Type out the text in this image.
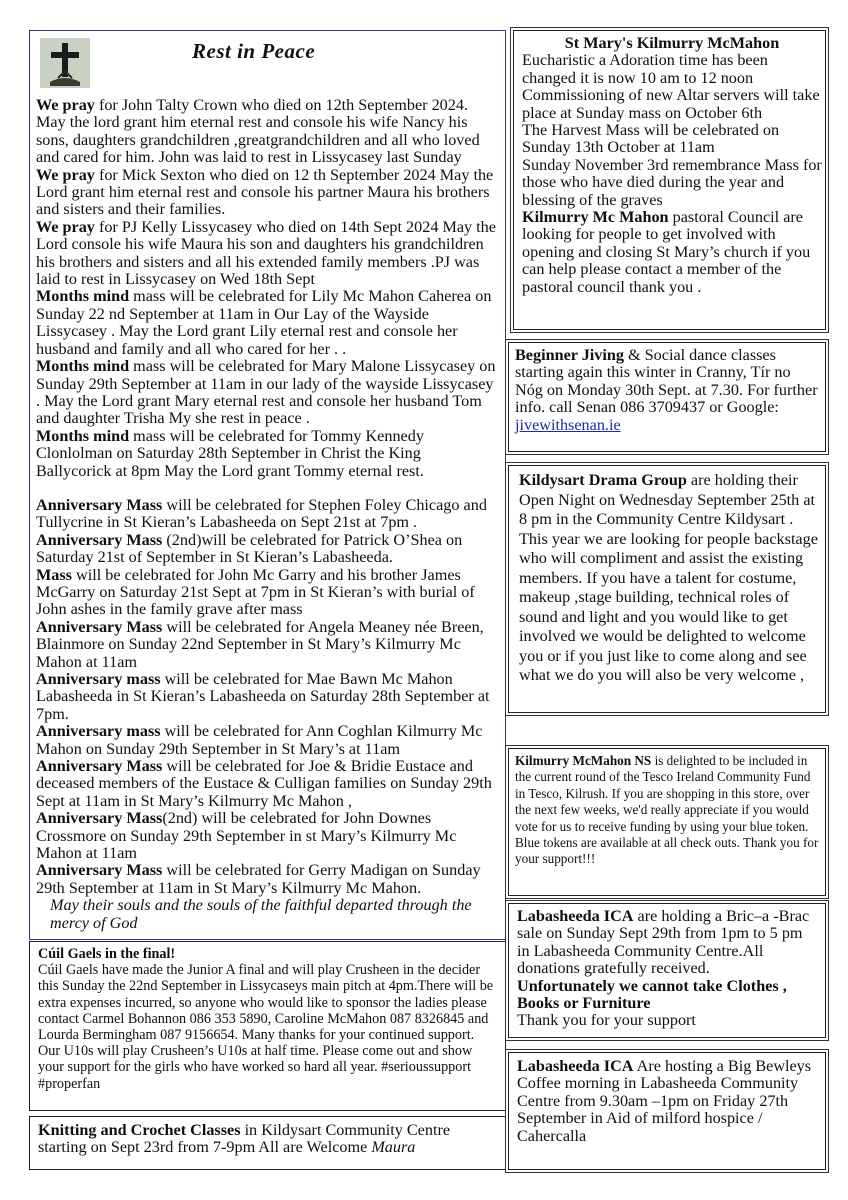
Rest in Peace

We pray for John Talty Crown who died on 12th September 2024. May the lord grant him eternal rest and console his wife Nancy his sons, daughters grandchildren ,greatgrandchildren and all who loved and cared for him. John was laid to rest in Lissycasey last Sunday

We pray for Mick Sexton who died on 12 th September 2024 May the Lord grant him eternal rest and console his partner Maura his brothers and sisters and their families.

We pray for PJ Kelly Lissycasey who died on 14th Sept 2024 May the Lord console his wife Maura his son and daughters his grandchildren his brothers and sisters and all his extended family members .PJ was laid to rest in Lissycasey on Wed 18th Sept

Months mind mass will be celebrated for Lily Mc Mahon Caherea on Sunday 22 nd September at 11am in Our Lay of the Wayside Lissycasey . May the Lord grant Lily eternal rest and console her husband and family and all who cared for her . .

Months mind mass will be celebrated for Mary Malone Lissycasey on Sunday 29th September at 11am in our lady of the wayside Lissycasey . May the Lord grant Mary eternal rest and console her husband Tom and daughter Trisha My she rest in peace .

Months mind mass will be celebrated for Tommy Kennedy Clonlolman on Saturday 28th September in Christ the King Ballycorick at 8pm May the Lord grant Tommy eternal rest.

Anniversary Mass will be celebrated for Stephen Foley Chicago and Tullycrine in St Kieran’s Labasheeda on Sept 21st at 7pm .

Anniversary Mass (2nd)will be celebrated for Patrick O’Shea on Saturday 21st of September in St Kieran’s Labasheeda.

Mass will be celebrated for John Mc Garry and his brother James McGarry on Saturday 21st Sept at 7pm in St Kieran’s with burial of John ashes in the family grave after mass

Anniversary Mass will be celebrated for Angela Meaney née Breen, Blainmore on Sunday 22nd September in St Mary’s Kilmurry Mc Mahon at 11am

Anniversary mass will be celebrated for Mae Bawn Mc Mahon Labasheeda in St Kieran’s Labasheeda on Saturday 28th September at 7pm.

Anniversary mass will be celebrated for Ann Coghlan Kilmurry Mc Mahon on Sunday 29th September in St Mary’s at 11am

Anniversary Mass will be celebrated for Joe & Bridie Eustace and deceased members of the Eustace & Culligan families on Sunday 29th Sept at 11am in St Mary’s Kilmurry Mc Mahon ,

Anniversary Mass(2nd) will be celebrated for John Downes Crossmore on Sunday 29th September in st Mary’s Kilmurry Mc Mahon at 11am

Anniversary Mass will be celebrated for Gerry Madigan on Sunday 29th September at 11am in St Mary’s Kilmurry Mc Mahon.

May their souls and the souls of the faithful departed through the mercy of God

Cúil Gaels in the final!

Cúil Gaels have made the Junior A final and will play Crusheen in the decider this Sunday the 22nd September in Lissycaseys main pitch at 4pm.There will be extra expenses incurred, so anyone who would like to sponsor the ladies please contact Carmel Bohannon 086 353 5890, Caroline McMahon 087 8326845 and Lourda Bermingham 087 9156654. Many thanks for your continued support. Our U10s will play Crusheen’s U10s at half time. Please come out and show your support for the girls who have worked so hard all year. #serioussupport #properfan

Knitting and Crochet Classes in Kildysart Community Centre starting on Sept 23rd from 7-9pm All are Welcome Maura

St Mary's Kilmurry McMahon

Eucharistic a Adoration time has been changed it is now 10 am to 12 noon

Commissioning of new Altar servers will take place at Sunday mass on October 6th

The Harvest Mass will be celebrated on Sunday 13th October at 11am

Sunday November 3rd remembrance Mass for those who have died during the year and blessing of the graves

Kilmurry Mc Mahon pastoral Council are looking for people to get involved with opening and closing St Mary’s church if you can help please contact a member of the pastoral council thank you .

Beginner Jiving & Social dance classes starting again this winter in Cranny, Tír no Nóg on Monday 30th Sept. at 7.30. For further info. call Senan 086 3709437 or Google: jivewithsenan.ie
Kildysart Drama Group are holding their Open Night on Wednesday September 25th at 8 pm in the Community Centre Kildysart . This year we are looking for people backstage who will compliment and assist the existing members. If you have a talent for costume, makeup ,stage building, technical roles of sound and light and you would like to get involved we would be delighted to welcome you or if you just like to come along and see what we do you will also be very welcome ,
Kilmurry McMahon NS is delighted to be included in the current round of the Tesco Ireland Community Fund in Tesco, Kilrush. If you are shopping in this store, over the next few weeks, we'd really appreciate if you would vote for us to receive funding by using your blue token. Blue tokens are available at all check outs. Thank you for your support!!!

Labasheeda ICA are holding a Bric–a -Brac sale on Sunday Sept 29th from 1pm to 5 pm in Labasheeda Community Centre.All donations gratefully received.

Unfortunately we cannot take Clothes , Books or Furniture

Thank you for your support

Labasheeda ICA Are hosting a Big Bewleys Coffee morning in Labasheeda Community Centre from 9.30am –1pm on Friday 27th September in Aid of milford hospice / Cahercalla
